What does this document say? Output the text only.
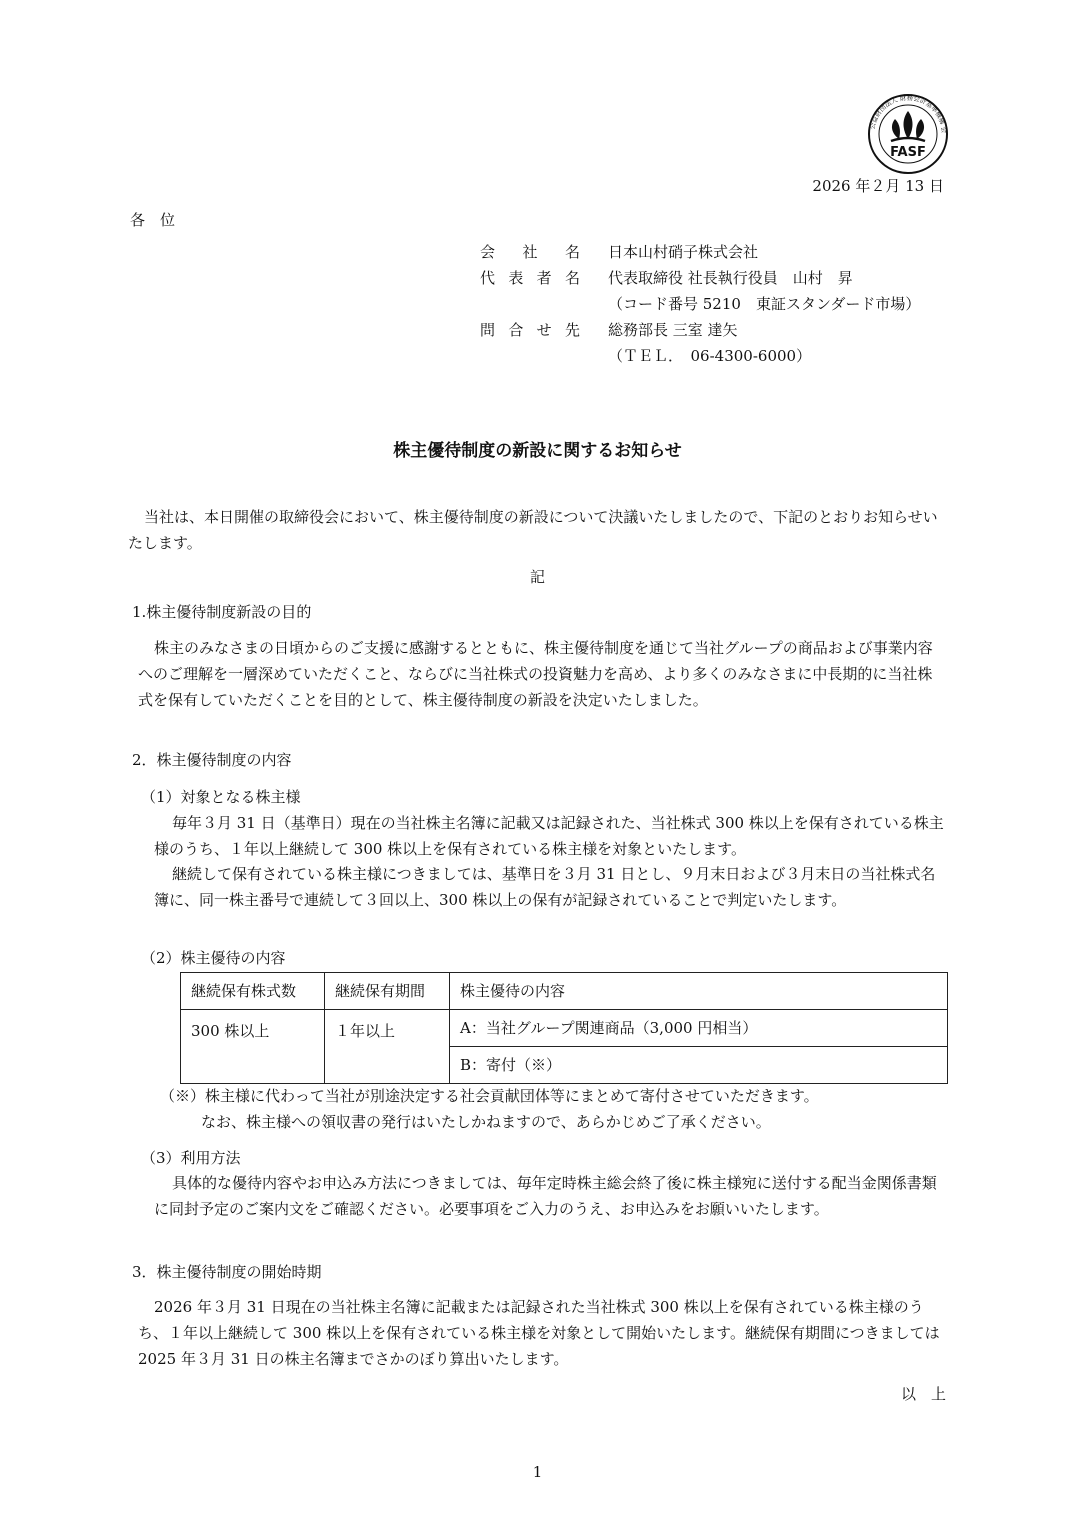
公益財団法人 財務会計基準機構 会
FASF
2026 年２月 13 日
各　位
会 社 名 日本山村硝子株式会社
代 表 者 名 代表取締役 社長執行役員　山村　昇
（コード番号 5210　東証スタンダード市場）
問 合 せ 先 総務部長 三室 達矢
（ＴＥＬ．　06-4300-6000）
株主優待制度の新設に関するお知らせ
当社は、本日開催の取締役会において、株主優待制度の新設について決議いたしましたので、下記のとおりお知らせいたします。
記
1.株主優待制度新設の目的
株主のみなさまの日頃からのご支援に感謝するとともに、株主優待制度を通じて当社グループの商品および事業内容へのご理解を一層深めていただくこと、ならびに当社株式の投資魅力を高め、より多くのみなさまに中長期的に当社株式を保有していただくことを目的として、株主優待制度の新設を決定いたしました。
2．株主優待制度の内容
（1）対象となる株主様
毎年３月 31 日（基準日）現在の当社株主名簿に記載又は記録された、当社株式 300 株以上を保有されている株主様のうち、１年以上継続して 300 株以上を保有されている株主様を対象といたします。
継続して保有されている株主様につきましては、基準日を３月 31 日とし、９月末日および３月末日の当社株式名簿に、同一株主番号で連続して３回以上、300 株以上の保有が記録されていることで判定いたします。
（2）株主優待の内容
継続保有株式数	継続保有期間	株主優待の内容
300 株以上	１年以上	A：当社グループ関連商品（3,000 円相当）
		B：寄付（※）
（※）株主様に代わって当社が別途決定する社会貢献団体等にまとめて寄付させていただきます。
なお、株主様への領収書の発行はいたしかねますので、あらかじめご了承ください。
（3）利用方法
具体的な優待内容やお申込み方法につきましては、毎年定時株主総会終了後に株主様宛に送付する配当金関係書類に同封予定のご案内文をご確認ください。必要事項をご入力のうえ、お申込みをお願いいたします。
3．株主優待制度の開始時期
2026 年３月 31 日現在の当社株主名簿に記載または記録された当社株式 300 株以上を保有されている株主様のうち、１年以上継続して 300 株以上を保有されている株主様を対象として開始いたします。継続保有期間につきましては 2025 年３月 31 日の株主名簿までさかのぼり算出いたします。
以　上
1
